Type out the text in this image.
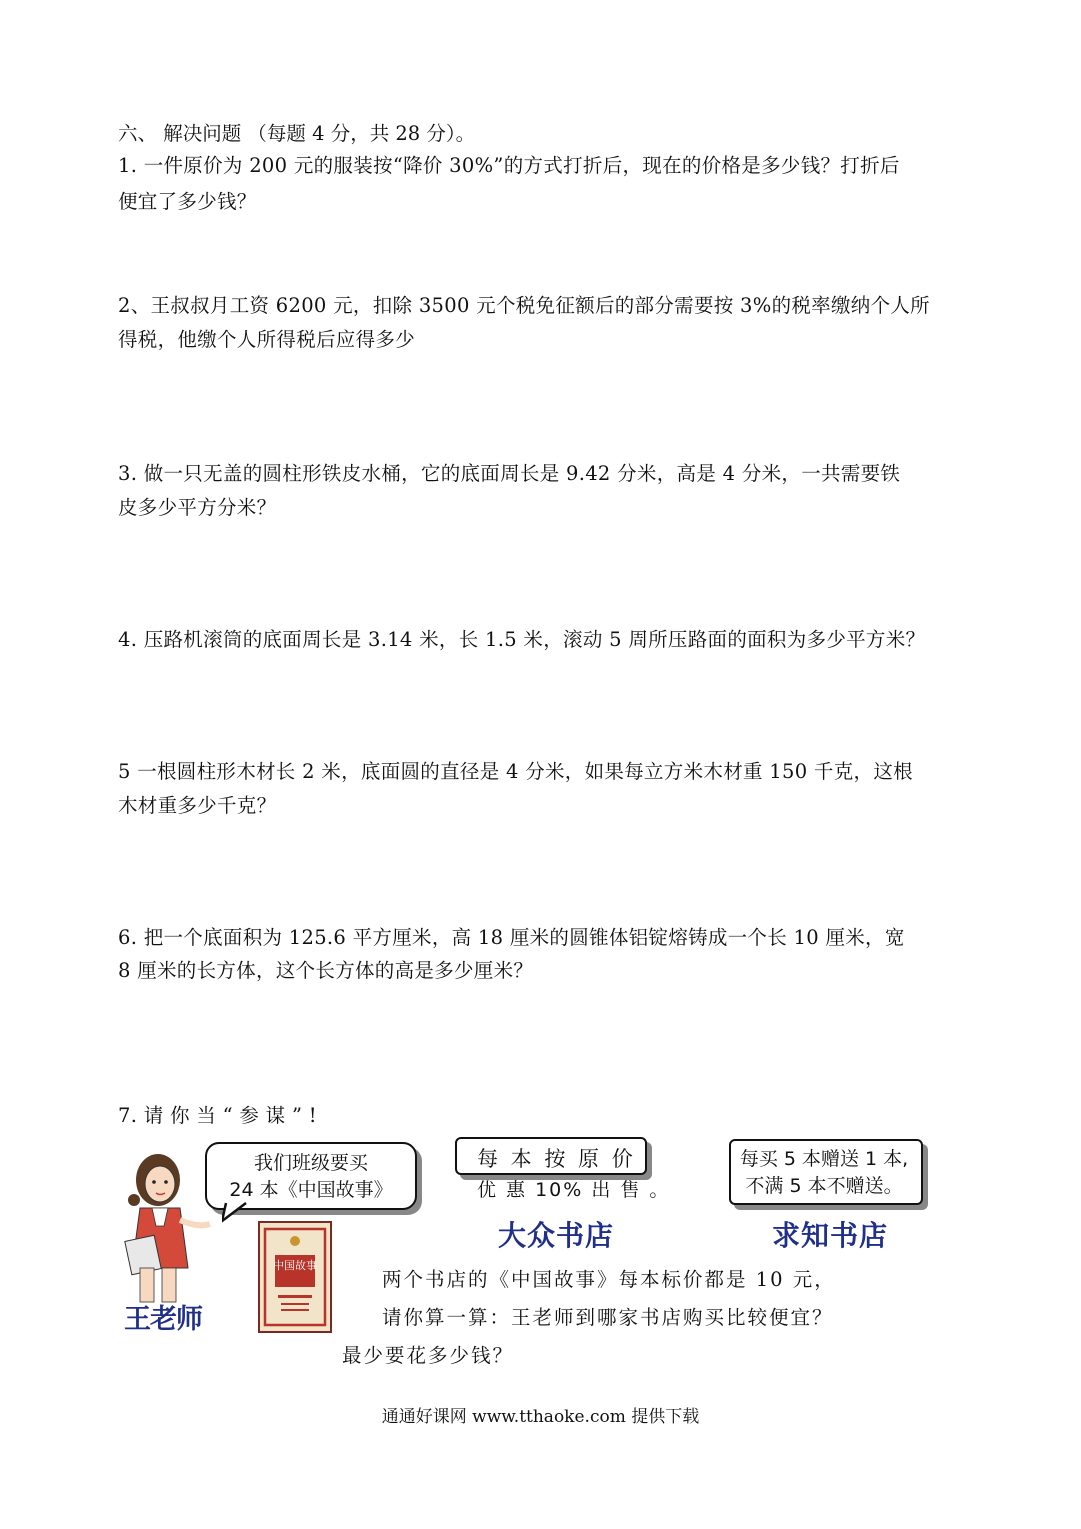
六、 解决问题 （每题 4 分，共 28 分）。
1. 一件原价为 200 元的服装按“降价 30%”的方式打折后，现在的价格是多少钱？打折后
便宜了多少钱？
2、王叔叔月工资 6200 元，扣除 3500 元个税免征额后的部分需要按 3%的税率缴纳个人所
得税，他缴个人所得税后应得多少
3. 做一只无盖的圆柱形铁皮水桶，它的底面周长是 9.42 分米，高是 4 分米，一共需要铁
皮多少平方分米？
4. 压路机滚筒的底面周长是 3.14 米，长 1.5 米，滚动 5 周所压路面的面积为多少平方米？
5 一根圆柱形木材长 2 米，底面圆的直径是 4 分米，如果每立方米木材重 150 千克，这根
木材重多少千克？
6. 把一个底面积为 125.6 平方厘米，高 18 厘米的圆锥体铝锭熔铸成一个长 10 厘米，宽
8 厘米的长方体，这个长方体的高是多少厘米？
7. 请 你 当 “ 参 谋 ” !
王老师
我们班级要买
24 本《中国故事》
每 本 按 原 价
优 惠 10% 出 售 。
大众书店
每买 5 本赠送 1 本,
不满 5 本不赠送。
求知书店
中国故事
两个书店的《中国故事》每本标价都是 10 元，
请你算一算：王老师到哪家书店购买比较便宜？
最少要花多少钱？
通通好课网 www.tthaoke.com 提供下载
